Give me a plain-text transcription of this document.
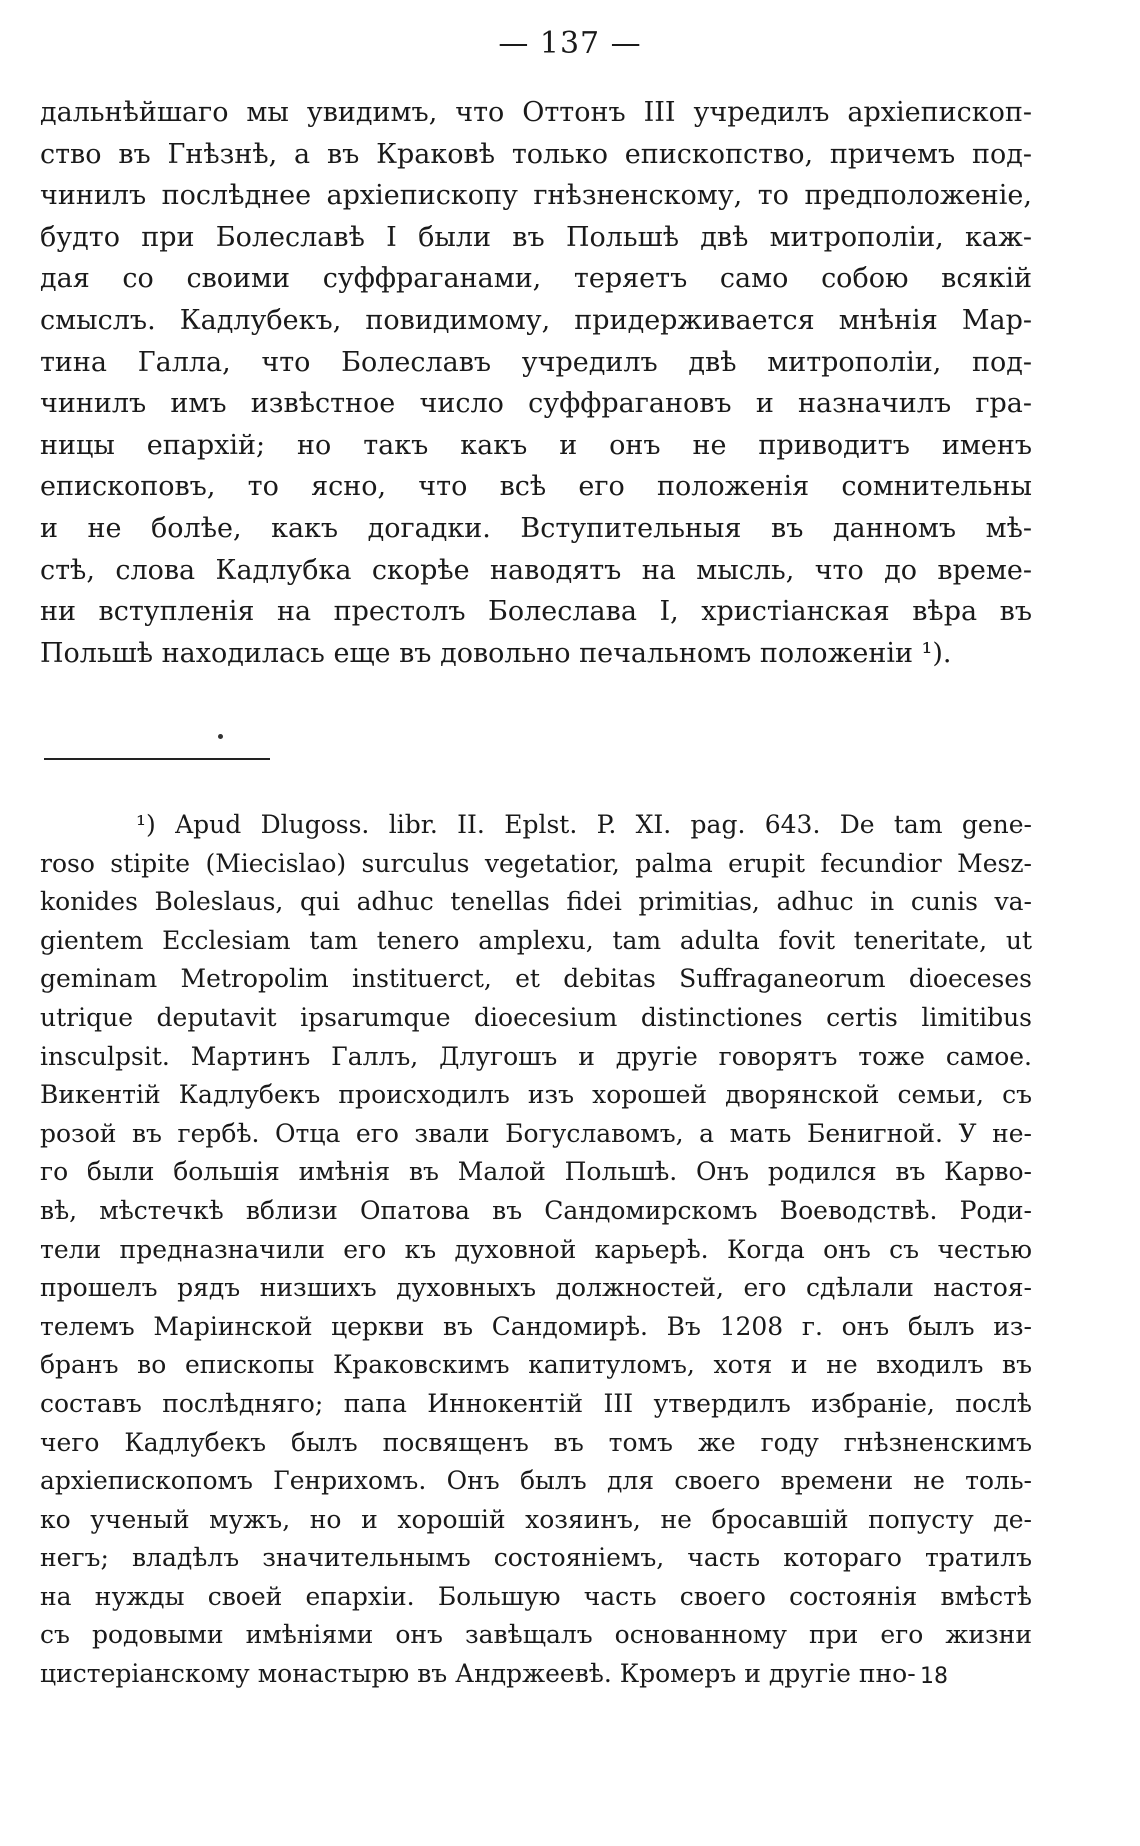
— 137 —
дальнѣйшаго мы увидимъ, что Оттонъ III учредилъ архіепископ-
ство въ Гнѣзнѣ, а въ Краковѣ только епископство, причемъ под-
чинилъ послѣднее архіепископу гнѣзненскому, то предположеніе,
будто при Болеславѣ I были въ Польшѣ двѣ митрополіи, каж-
дая со своими суффраганами, теряетъ само собою всякій
смыслъ. Кадлубекъ, повидимому, придерживается мнѣнія Мар-
тина Галла, что Болеславъ учредилъ двѣ митрополіи, под-
чинилъ имъ извѣстное число суффрагановъ и назначилъ гра-
ницы епархій; но такъ какъ и онъ не приводитъ именъ
епископовъ, то ясно, что всѣ его положенія сомнительны
и не болѣе, какъ догадки. Вступительныя въ данномъ мѣ-
стѣ, слова Кадлубка скорѣе наводятъ на мысль, что до време-
ни вступленія на престолъ Болеслава I, христіанская вѣра въ
Польшѣ находилась еще въ довольно печальномъ положеніи ¹).
¹) Apud Dlugoss. libr. II. Eplst. P. XI. pag. 643. De tam gene-
roso stipite (Miecislao) surculus vegetatior, palma erupit fecundior Mesz-
konides Boleslaus, qui adhuc tenellas fidei primitias, adhuc in cunis va-
gientem Ecclesiam tam tenero amplexu, tam adulta fovit teneritate, ut
geminam Metropolim instituerct, et debitas Suffraganeorum dioeceses
utrique deputavit ipsarumque dioecesium distinctiones certis limitibus
insculpsit. Мартинъ Галлъ, Длугошъ и другіе говорятъ тоже самое.
Викентій Кадлубекъ происходилъ изъ хорошей дворянской семьи, съ
розой въ гербѣ. Отца его звали Богуславомъ, а мать Бенигной. У не-
го были большія имѣнія въ Малой Польшѣ. Онъ родился въ Карво-
вѣ, мѣстечкѣ вблизи Опатова въ Сандомирскомъ Воеводствѣ. Роди-
тели предназначили его къ духовной карьерѣ. Когда онъ съ честью
прошелъ рядъ низшихъ духовныхъ должностей, его сдѣлали настоя-
телемъ Маріинской церкви въ Сандомирѣ. Въ 1208 г. онъ былъ из-
бранъ во епископы Краковскимъ капитуломъ, хотя и не входилъ въ
составъ послѣдняго; папа Иннокентій III утвердилъ избраніе, послѣ
чего Кадлубекъ былъ посвященъ въ томъ же году гнѣзненскимъ
архіепископомъ Генрихомъ. Онъ былъ для своего времени не толь-
ко ученый мужъ, но и хорошій хозяинъ, не бросавшій попусту де-
негъ; владѣлъ значительнымъ состояніемъ, часть котораго тратилъ
на нужды своей епархіи. Большую часть своего состоянія вмѣстѣ
съ родовыми имѣніями онъ завѣщалъ основанному при его жизни
цистеріанскому монастырю въ Андржеевѣ. Кромеръ и другіе пно- 18
